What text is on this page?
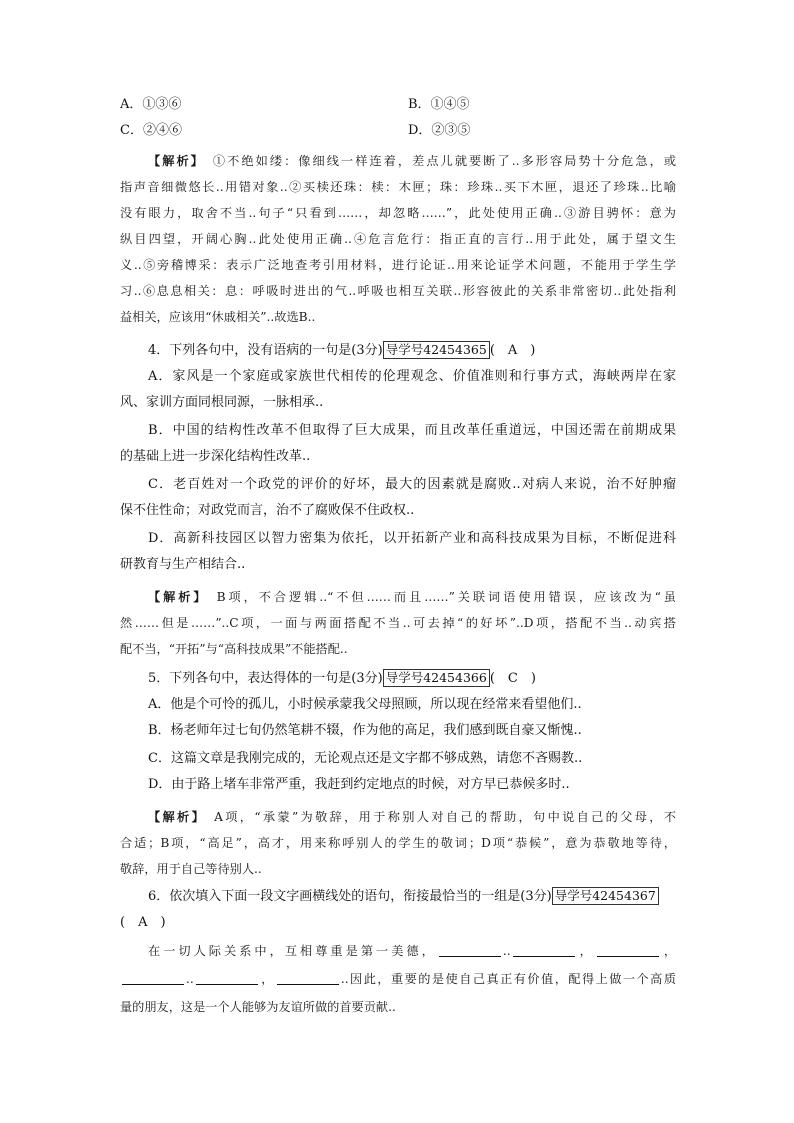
A．①③⑥	B．①④⑤
C．②④⑥	D．②③⑤
【解析】 ①不绝如缕：像细线一样连着，差点儿就要断了..多形容局势十分危急，或
指声音细微悠长..用错对象..②买椟还珠：椟：木匣；珠：珍珠..买下木匣，退还了珍珠..比喻
没有眼力，取舍不当..句子“只看到……，却忽略……”，此处使用正确..③游目骋怀：意为
纵目四望，开阔心胸..此处使用正确..④危言危行：指正直的言行..用于此处，属于望文生
义..⑤旁稽博采：表示广泛地查考引用材料，进行论证..用来论证学术问题，不能用于学生学
习..⑥息息相关：息：呼吸时进出的气..呼吸也相互关联..形容彼此的关系非常密切..此处指利
益相关，应该用“休戚相关”..故选B..
4．下列各句中，没有语病的一句是(3分) 导学号42454365 (　A　)
A．家风是一个家庭或家族世代相传的伦理观念、价值准则和行事方式，海峡两岸在家
风、家训方面同根同源，一脉相承..
B．中国的结构性改革不但取得了巨大成果，而且改革任重道远，中国还需在前期成果
的基础上进一步深化结构性改革..
C．老百姓对一个政党的评价的好坏，最大的因素就是腐败..对病人来说，治不好肿瘤
保不住性命；对政党而言，治不了腐败保不住政权..
D．高新科技园区以智力密集为依托，以开拓新产业和高科技成果为目标，不断促进科
研教育与生产相结合..
【解析】 B项，不合逻辑..“不但……而且……”关联词语使用错误，应该改为“虽
然……但是……”..C项，一面与两面搭配不当..可去掉“的好坏”..D项，搭配不当..动宾搭
配不当，“开拓”与“高科技成果”不能搭配..
5．下列各句中，表达得体的一句是(3分) 导学号42454366 (　C　)
A．他是个可怜的孤儿，小时候承蒙我父母照顾，所以现在经常来看望他们..
B．杨老师年过七旬仍然笔耕不辍，作为他的高足，我们感到既自豪又惭愧..
C．这篇文章是我刚完成的，无论观点还是文字都不够成熟，请您不吝赐教..
D．由于路上堵车非常严重，我赶到约定地点的时候，对方早已恭候多时..
【解析】 A项，“承蒙”为敬辞，用于称别人对自己的帮助，句中说自己的父母，不
合适；B项，“高足”，高才，用来称呼别人的学生的敬词；D项“恭候”，意为恭敬地等待，
敬辞，用于自己等待别人..
6．依次填入下面一段文字画横线处的语句，衔接最恰当的一组是(3分) 导学号42454367
(　A　)
在一切人际关系中，互相尊重是第一美德，	..	，	，
..	，	..因此，重要的是使自己真正有价值，配得上做一个高质
量的朋友，这是一个人能够为友谊所做的首要贡献..
